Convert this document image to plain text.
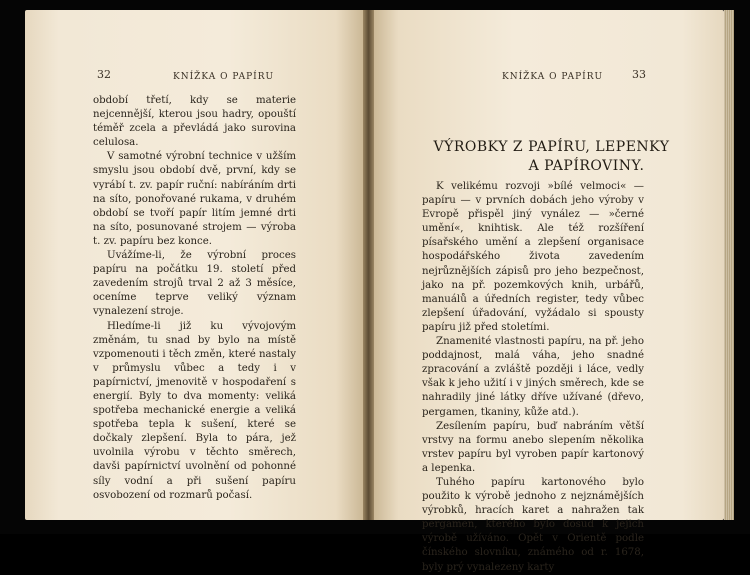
32	KNÍŽKA O PAPÍRU

období třetí, kdy se materie nejcennější, kterou jsou hadry, opouští téměř zcela a převládá jako surovina celulosa.

V samotné výrobní technice v užším smyslu jsou období dvě, první, kdy se vyrábí t. zv. papír ruční: nabíráním drti na síto, ponořované rukama, v druhém období se tvoří papír litím jemné drti na síto, posunované strojem — výroba t. zv. papíru bez konce.

Uvážíme-li, že výrobní proces papíru na počátku 19. století před zavedením strojů trval 2 až 3 měsíce, oceníme teprve veliký význam vynalezení stroje.

Hledíme-li již ku vývojovým změnám, tu snad by bylo na místě vzpomenouti i těch změn, které nastaly v průmyslu vůbec a tedy i v papírnictví, jmenovitě v hospodaření s energií. Byly to dva momenty: veliká spotřeba mechanické energie a veliká spotřeba tepla k sušení, které se dočkaly zlepšení. Byla to pára, jež uvolnila výrobu v těchto směrech, davši papírnictví uvolnění od pohonné síly vodní a při sušení papíru osvobození od rozmarů počasí.

KNÍŽKA O PAPÍRU	33
VÝROBKY Z PAPÍRU, LEPENKY
A PAPÍROVINY.

K velikému rozvoji »bílé velmoci« — papíru — v prvních dobách jeho výroby v Evropě přispěl jiný vynález — »černé umění«, knihtisk. Ale též rozšíření písařského umění a zlepšení organisace hospodářského života zavedením nejrůznějších zápisů pro jeho bezpečnost, jako na př. pozemkových knih, urbářů, manuálů a úředních register, tedy vůbec zlepšení úřadování, vyžádalo si spousty papíru již před stoletími.

Znamenité vlastnosti papíru, na př. jeho poddajnost, malá váha, jeho snadné zpracování a zvláště později i láce, vedly však k jeho užití i v jiných směrech, kde se nahradily jiné látky dříve užívané (dřevo, pergamen, tkaniny, kůže atd.).

Zesílením papíru, buď nabráním větší vrstvy na formu anebo slepením několika vrstev papíru byl vyroben papír kartonový a lepenka.

Tuhého papíru kartonového bylo použito k výrobě jednoho z nejznámějších výrobků, hracích karet a nahražen tak pergamen, kterého bylo dosud k jejich výrobě užíváno. Opět v Orientě podle čínského slovníku, známého od r. 1678, byly prý vynalezeny karty
